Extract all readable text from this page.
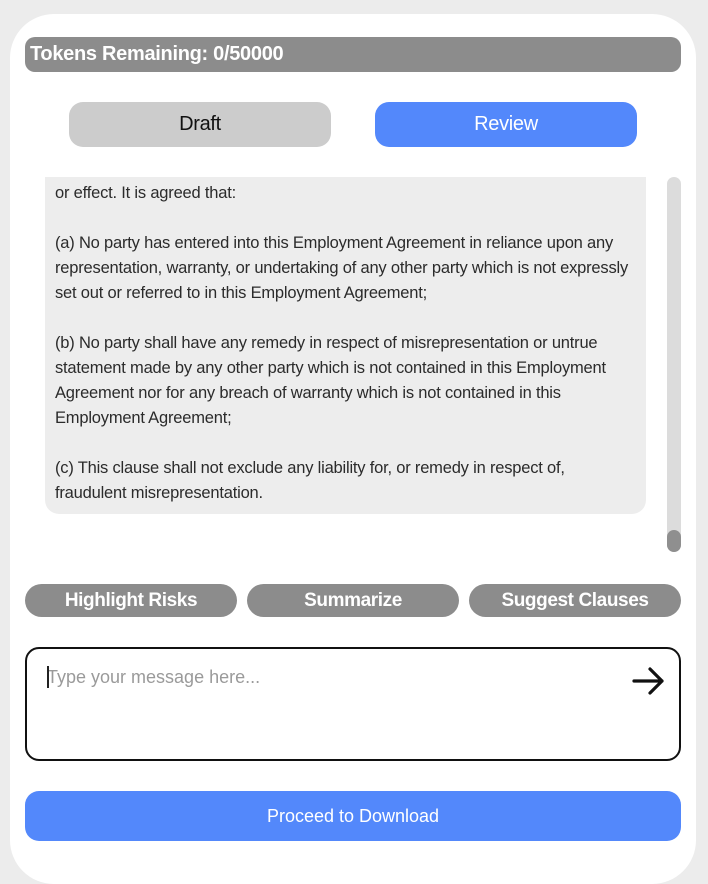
Tokens Remaining: 0/50000
Draft	Review
or effect. It is agreed that:

(a) No party has entered into this Employment Agreement in reliance upon any representation, warranty, or undertaking of any other party which is not expressly set out or referred to in this Employment Agreement;

(b) No party shall have any remedy in respect of misrepresentation or untrue statement made by any other party which is not contained in this Employment Agreement nor for any breach of warranty which is not contained in this Employment Agreement;

(c) This clause shall not exclude any liability for, or remedy in respect of, fraudulent misrepresentation.
Highlight Risks	Summarize	Suggest Clauses
Type your message here...
Proceed to Download
